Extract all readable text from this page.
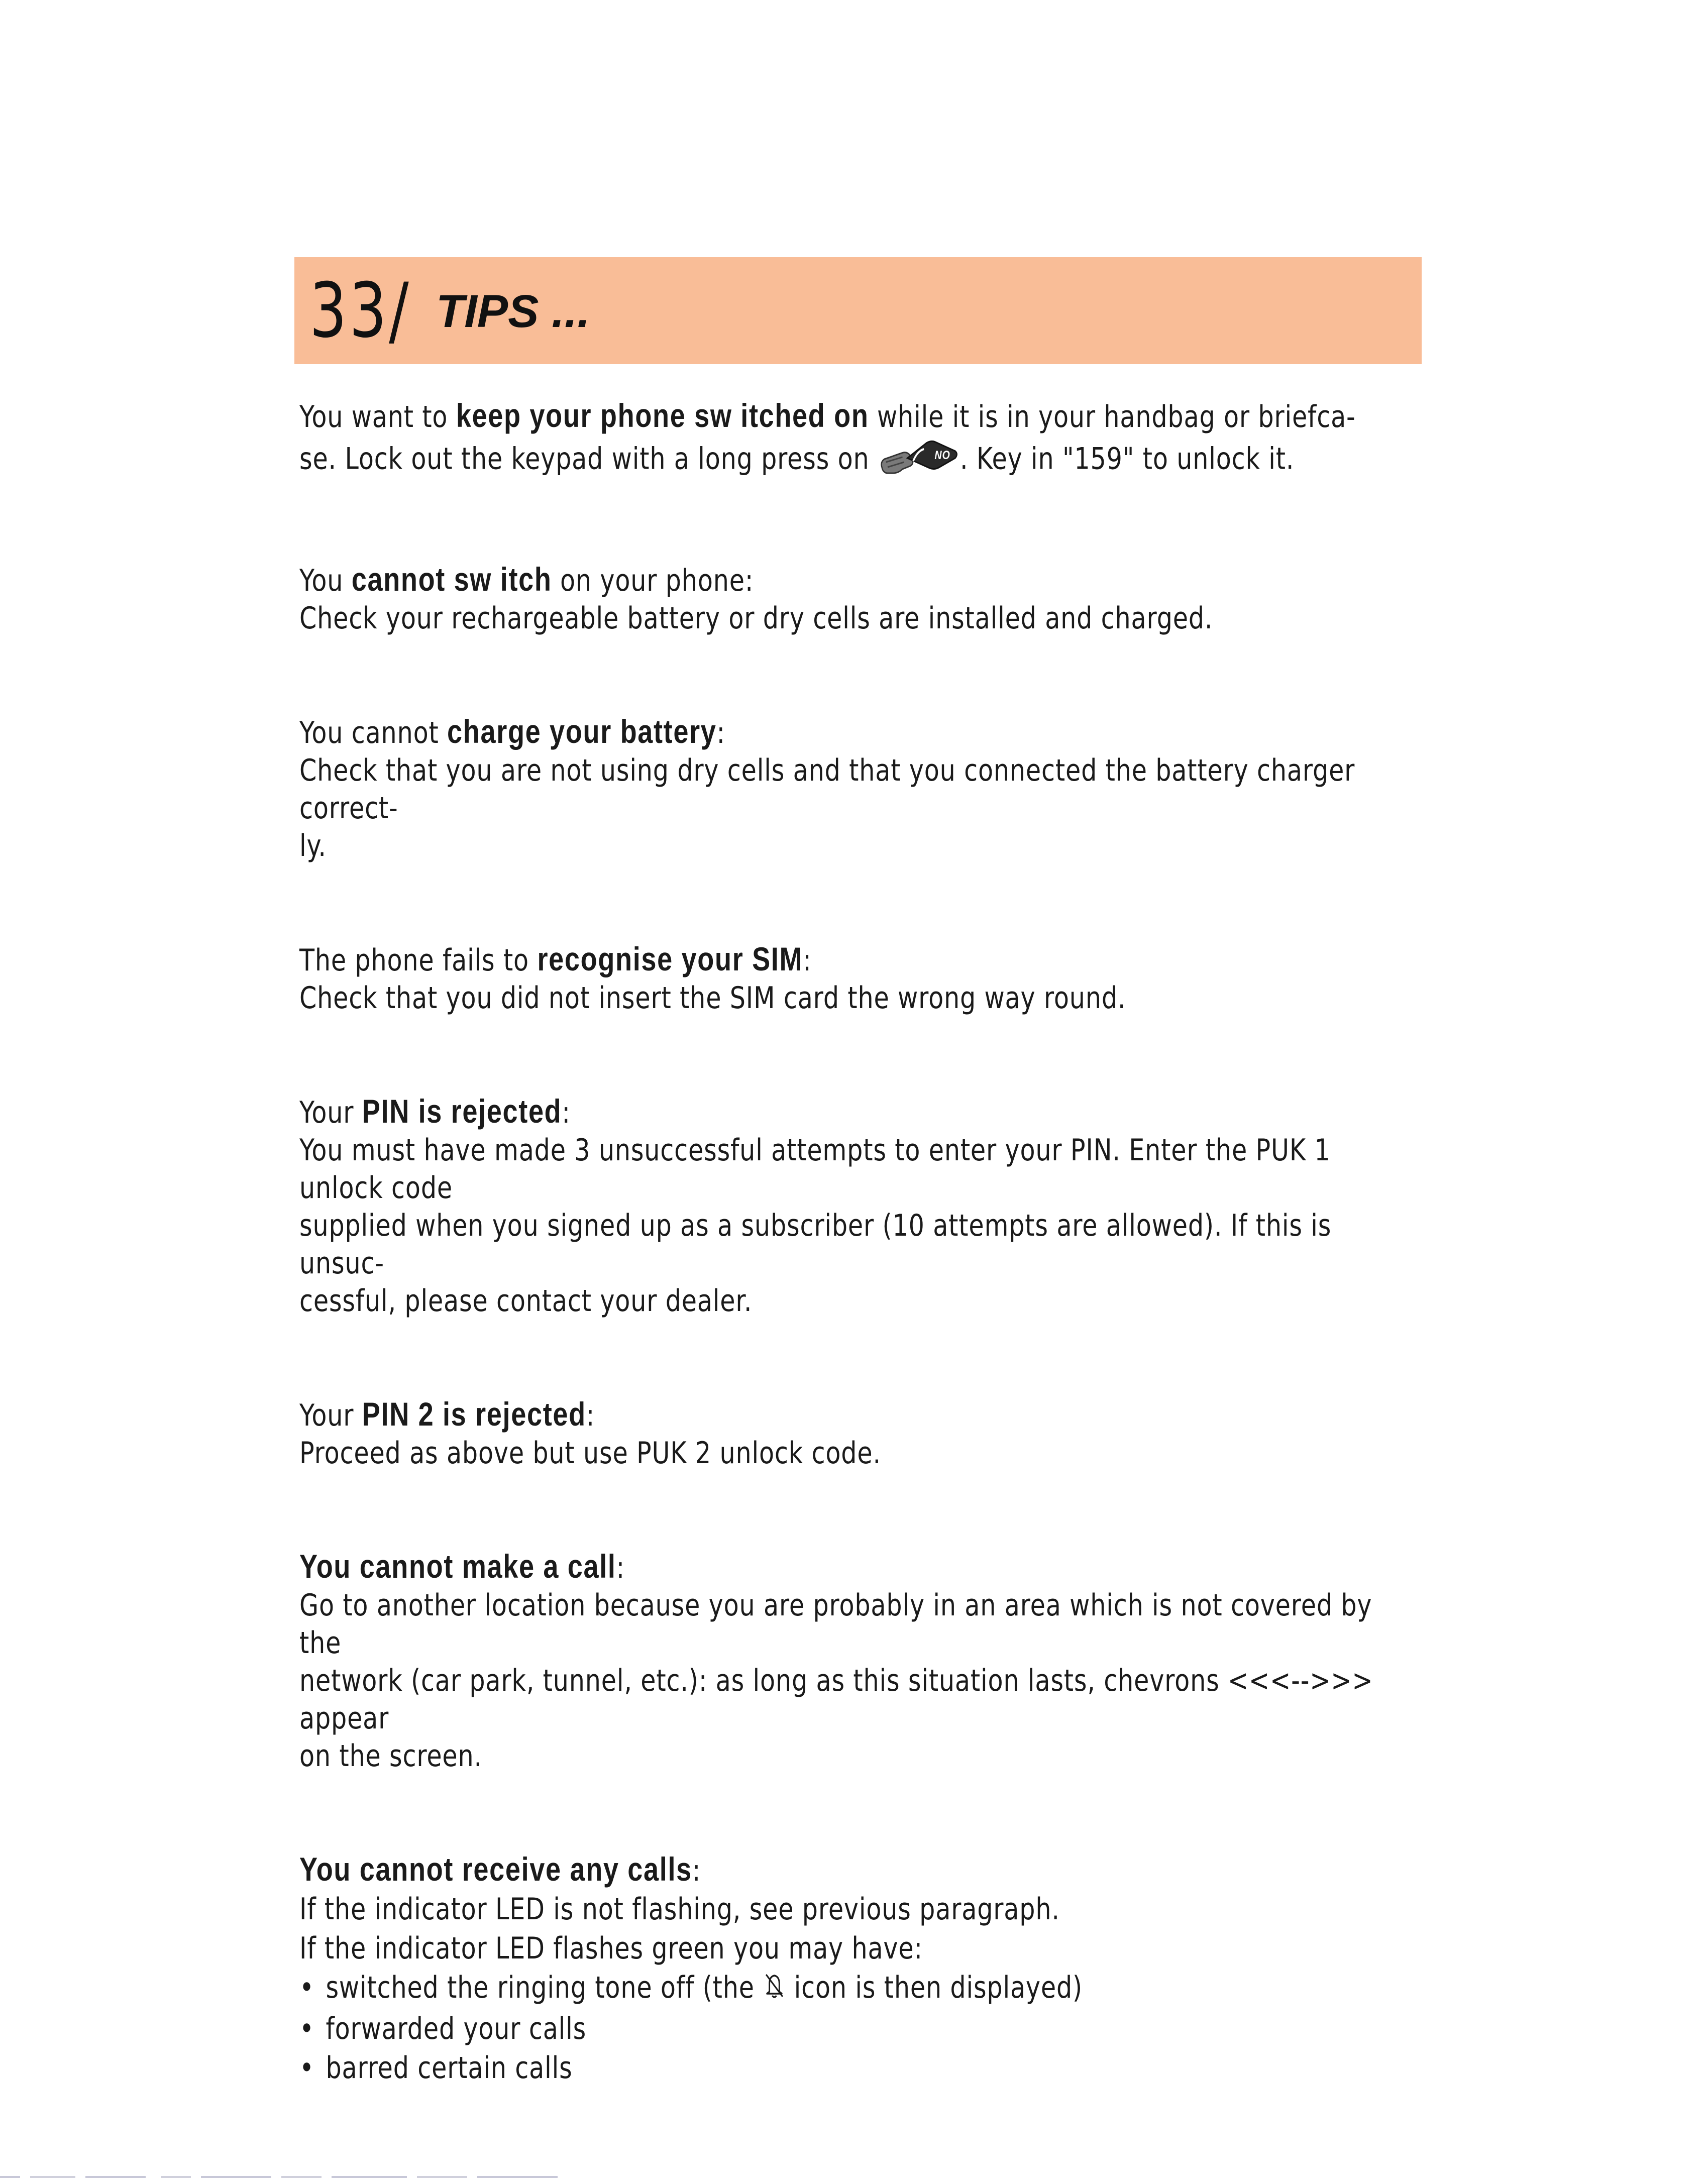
33/ TIPS ...

You want to keep your phone sw itched on while it is in your handbag or briefca-

se. Lock out the keypad with a long press on	NO . Key in "159" to unlock it.

You cannot sw itch on your phone:

Check your rechargeable battery or dry cells are installed and charged.

You cannot charge your battery:

Check that you are not using dry cells and that you connected the battery charger correct-

ly.

The phone fails to recognise your SIM:

Check that you did not insert the SIM card the wrong way round.

Your PIN is rejected:

You must have made 3 unsuccessful attempts to enter your PIN. Enter the PUK 1 unlock code

supplied when you signed up as a subscriber (10 attempts are allowed). If this is unsuc-

cessful, please contact your dealer.

Your PIN 2 is rejected:

Proceed as above but use PUK 2 unlock code.

You cannot make a call:

Go to another location because you are probably in an area which is not covered by the

network (car park, tunnel, etc.): as long as this situation lasts, chevrons <<<-->>> appear

on the screen.

You cannot receive any calls:

If the indicator LED is not flashing, see previous paragraph.

If the indicator LED flashes green you may have:

• switched the ringing tone off (the  icon is then displayed)
• forwarded your calls
• barred certain calls
